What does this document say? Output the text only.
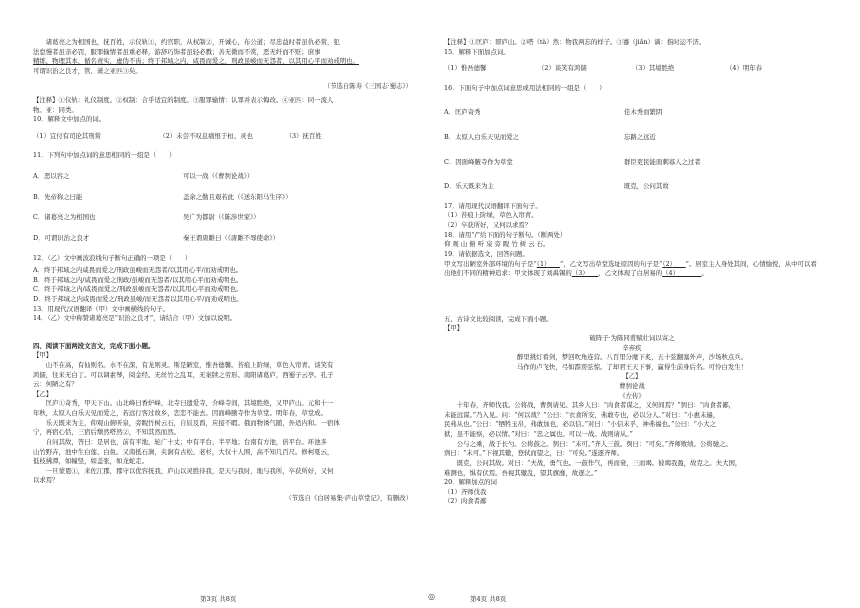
诸葛亮之为相国也，抚百姓，示仪轨①，约官职，从权制②，开诚心，布公道；尽忠益时者虽仇必赏，犯

法怠慢者虽亲必罚，服罪输情者虽重必释，游辞巧饰者虽轻必戮；善无微而不赏，恶无纤而不贬；庶事

精练，物理其本，循名责实，虚伪不齿；终于邦域之内，咸畏而爱之，刑政虽峻而无怨者，以其用心平而劝戒明也。

可谓识治之良才，管、萧之亚匹③矣。

（节选自陈寿《三国志·蜀志》）

【注释】①仪轨：礼仪制度。②权制：合乎适宜的制度。③服罪输情：认罪并表示悔改。④亚匹：同一流人

物。亚：同类。

10．解释文中加点的词。

（1）宜付有司论其刑赏	（2）未尝不叹息痛恨于桓、灵也	（3）抚百姓

11．下列句中加点词的意思相同的一组是（　　）

A．恶以容之	可以一战（《曹刿论战》）
B．先帝称之曰能	盖余之勤且艰若此（《送东阳马生序》）
C．诸葛亮之为相国也	吴广为都尉（《陈涉世家》）
D．可谓识治之良才	秦王谓唐雎曰（《唐雎不辱使命》）

12．（乙）文中画波浪线句子断句正确的一项是（　　）

A．终于邦域之内咸畏而爱之/刑政虽峻而无怨者/以其用心平/而劝戒明也。

B．终于邦域之内/咸畏而爱之刑政/虽峻而无怨者/以其用心平而劝戒明也。

C．终于邦域之内/咸畏而爱之/刑政虽峻而无怨者/以其用心平而劝戒明也。

D．终于邦域之内咸畏而爱之/刑政虽峻/而无怨者以其用心平/而劝戒明也。

13．用现代汉语翻译（甲）文中画横线的句子。

14．（乙）文中称赞诸葛亮是“识治之良才”，请结合（甲）文加以说明。

四、阅读下面两段文言文，完成下面小题。

【甲】

山不在高，有仙则名。水不在深，有龙则灵。斯是陋室，惟吾德馨。苔痕上阶绿，草色入帘青。谈笑有

鸿儒，往来无白丁。可以调素琴，阅金经。无丝竹之乱耳，无案牍之劳形。南阳诸葛庐，西蜀子云亭。孔子

云：何陋之有？

【乙】

匡庐①奇秀，甲天下山。山北峰曰香炉峰，北寺曰遗爱寺，介峰寺间，其境胜绝，又甲庐山。元和十一

年秋，太原人白乐天见而爱之，若远行客过故乡，恋恋不能去。因面峰腋寺作为草堂。明年春，草堂成。

乐天既来为主，仰观山俯听泉，旁睨竹树云石，自辰及酉，应接不暇。俄而物诱气随，外适内和。一宿体

宁，再宿心恬，三宿后颓然嗒然②，不知其然而然。

自问其故，答曰：是居也，前有平地，轮广十丈；中有平台，半平地；台南有方池，倍平台。环池多

山竹野卉，池中生白莲、白鱼。又南抵石涧，夹涧有古松、老杉，大仅十人围，高不知几百尺。修柯戛云，

低枝拂潭，如幢竖，如盖张，如龙蛇走。

一旦蒙恩①，来佐江郡，郡守以优容抚我，庐山以灵胜待我，是天与我时，地与我所，卒获所好，又何

以求焉？

（节选自《白居易集·庐山草堂记》，有删改）

第3页 共8页	◎

【注释】①匡庐：即庐山。②嗒（tà）然：物我两忘的样子。③蹇（jiǎn）谪：指时运不济。

15．解释下面加点词。

（1）惟吾德馨	（2）谈笑有鸿儒	（3）其境胜绝	（4）明年春

16．下面句子中加点词意思或用法相同的一组是（　　）

A．匡庐奇秀	佳木秀而繁阴
B．太原人白乐天见而爱之	忘路之远近
C．因面峰腋寺作为草堂	群臣吏民能面刺寡人之过者
D．乐天既来为主	既克，公问其故

17．请用现代汉语翻译下面句子。

（1）苔痕上阶绿，草色入帘青。

（2）卒获所好，又何以求焉？

18．请用“/”给下面的句子断句。（断两处）

仰 观 山 俯 听 泉 旁 睨 竹 树 云 石。

19．请依据选文，回答问题。

甲文写出陋室外部环境的句子是“（1）　　 ”，乙文写出草堂选址原因的句子是“（2）　　 ”。居室主人身处其间，心情愉悦，从中可以看出他们不同的精神追求：甲文体现了刘禹锡的（3）　　 ，乙文体现了白居易的（4）　　　　	。

五、古诗文比较阅读，完成下面小题。

【甲】

破阵子·为陈同甫赋壮词以寄之

辛弃疾

醉里挑灯看剑，梦回吹角连营。八百里分麾下炙，五十弦翻塞外声，沙场秋点兵。

马作的卢飞快，弓如霹雳弦惊。了却君王天下事，赢得生前身后名。可怜白发生！

【乙】

曹刿论战

《左传》

十年春，齐师伐我。公将战，曹刿请见。其乡人曰：“肉食者谋之，又何间焉？”刿曰：“肉食者鄙，

未能远谋。”乃入见。问：“何以战？”公曰：“衣食所安，弗敢专也，必以分人。”对曰：“小惠未遍，

民弗从也。”公曰：“牺牲玉帛，弗敢加也，必以信。”对曰：“小信未孚，神弗福也。”公曰：“小大之

狱，虽不能察，必以情。”对曰：“忠之属也。可以一战。战则请从。”

公与之乘，战于长勺。公将鼓之。刿曰：“未可。”齐人三鼓。刿曰：“可矣。”齐师败绩。公将驰之。

刿曰：“未可。”下视其辙，登轼而望之，曰：“可矣。”遂逐齐师。

既克，公问其故。对曰：“夫战，勇气也。一鼓作气，再而衰，三而竭。彼竭我盈，故克之。夫大国，

难测也，惧有伏焉。吾视其辙乱，望其旗靡，故逐之。”

20．解释加点的词

（1）齐师伐我

（2）肉食者鄙

第4页 共8页
